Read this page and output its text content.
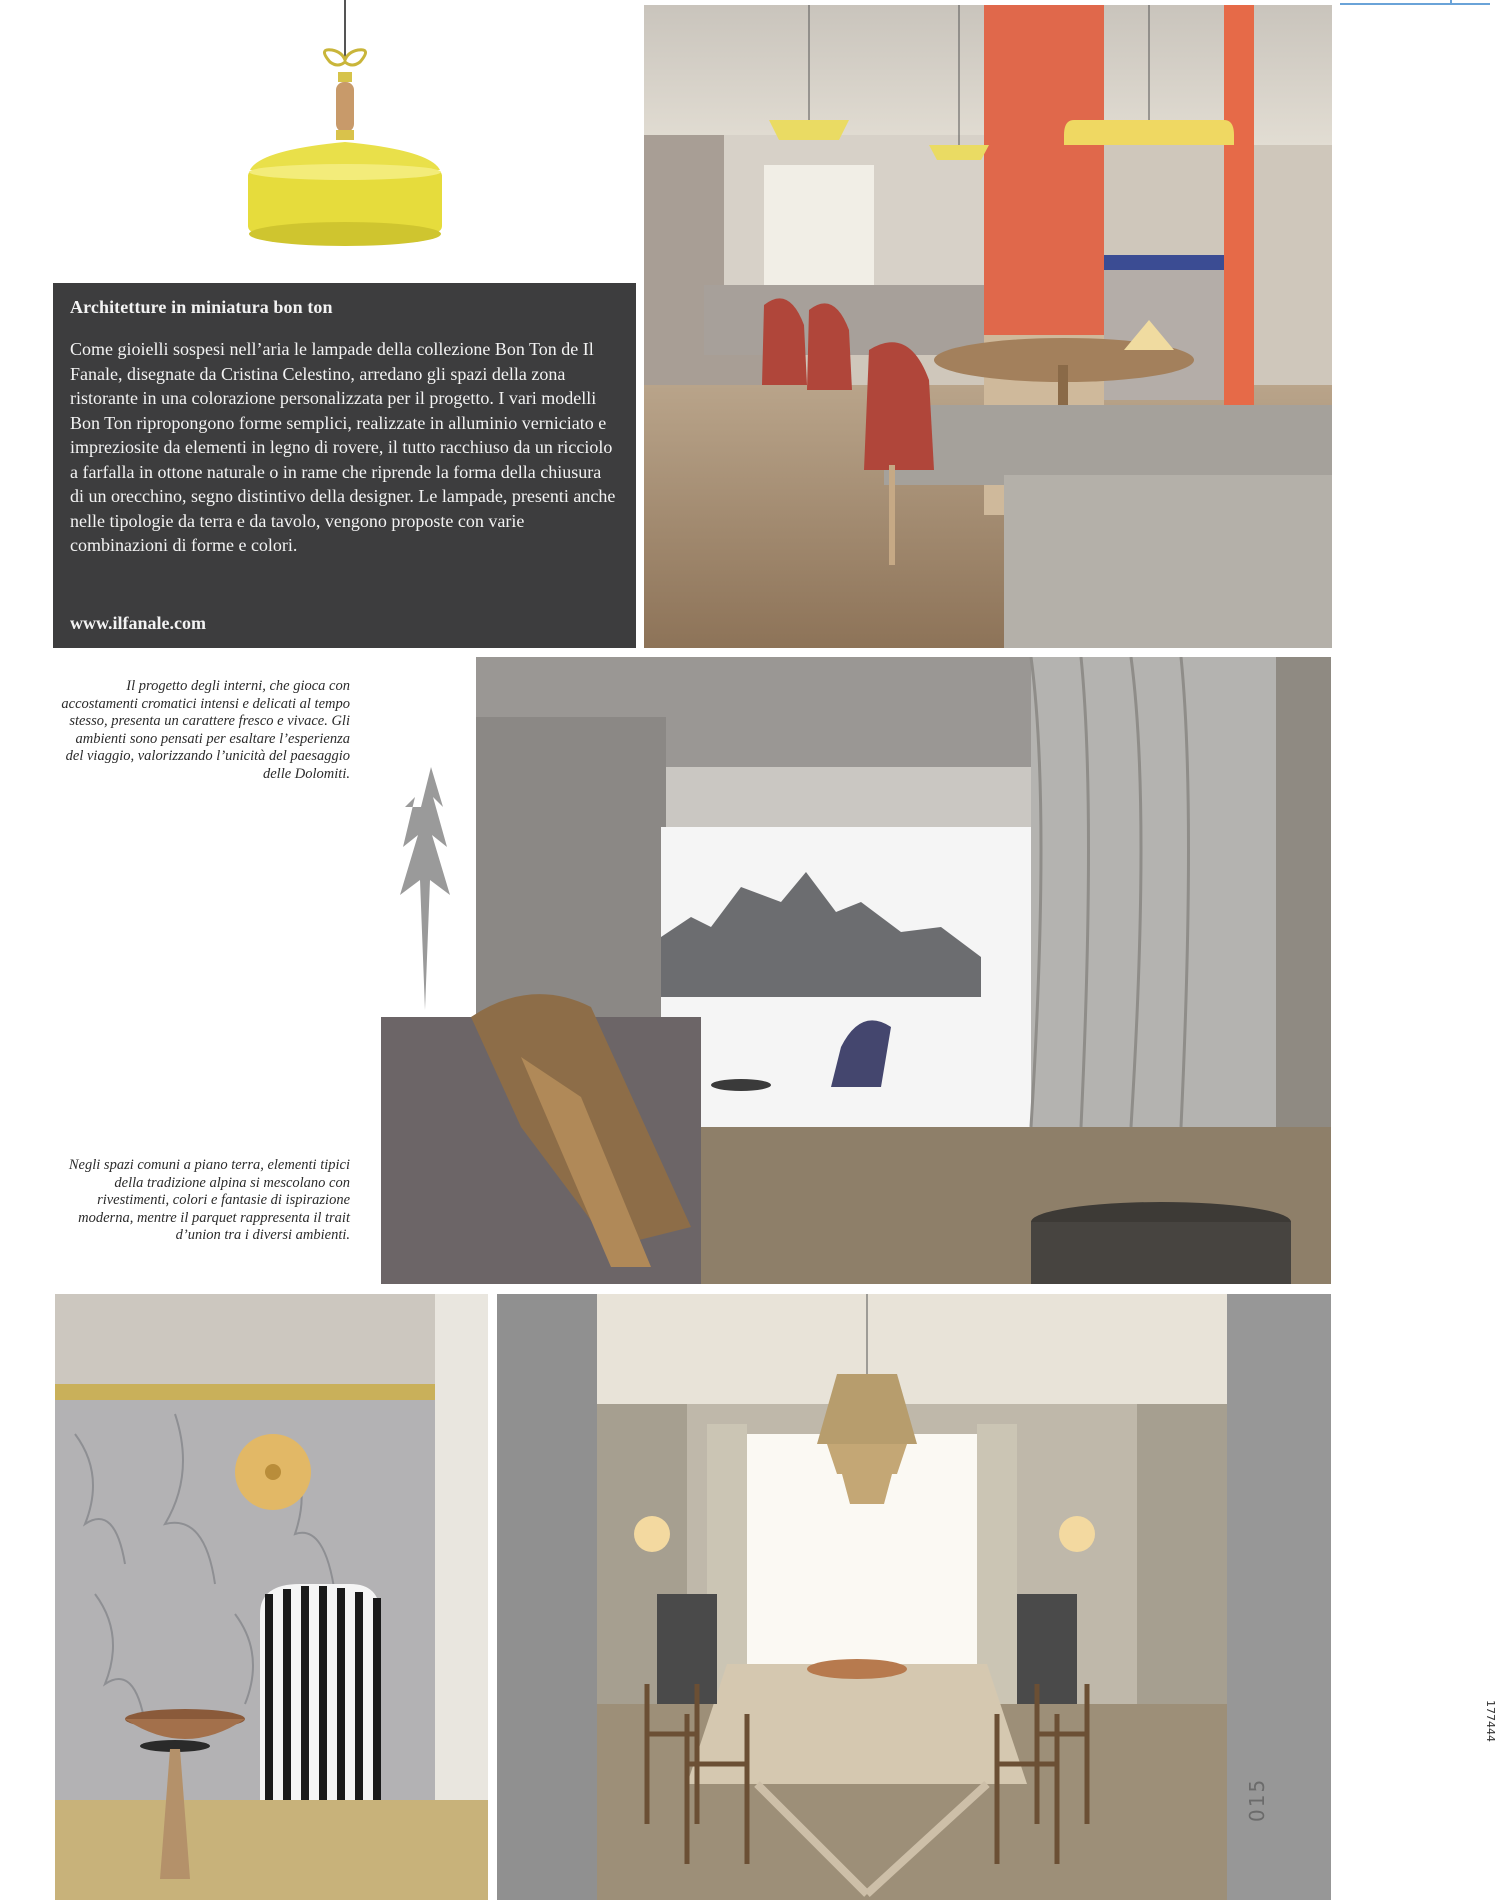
Architetture in miniatura bon ton

Come gioielli sospesi nell’aria le lampade della collezione Bon Ton de Il Fanale, disegnate da Cristina Celestino, arredano gli spazi della zona ristorante in una colorazione personalizzata per il progetto. I vari modelli Bon Ton ripropongono forme semplici, realizzate in alluminio verniciato e impreziosite da elementi in legno di rovere, il tutto racchiuso da un ricciolo a farfalla in ottone naturale o in rame che riprende la forma della chiusura di un orecchino, segno distintivo della designer. Le lampade, presenti anche nelle tipologie da terra e da tavolo, vengono proposte con varie combinazioni di forme e colori.

www.ilfanale.com
Il progetto degli interni, che gioca con accostamenti cromatici intensi e delicati al tempo stesso, presenta un carattere fresco e vivace. Gli ambienti sono pensati per esaltare l’esperienza del viaggio, valorizzando l’unicità del paesaggio delle Dolomiti.
Negli spazi comuni a piano terra, elementi tipici della tradizione alpina si mescolano con rivestimenti, colori e fantasie di ispirazione moderna, mentre il parquet rappresenta il trait d’union tra i diversi ambienti.
015
177444
